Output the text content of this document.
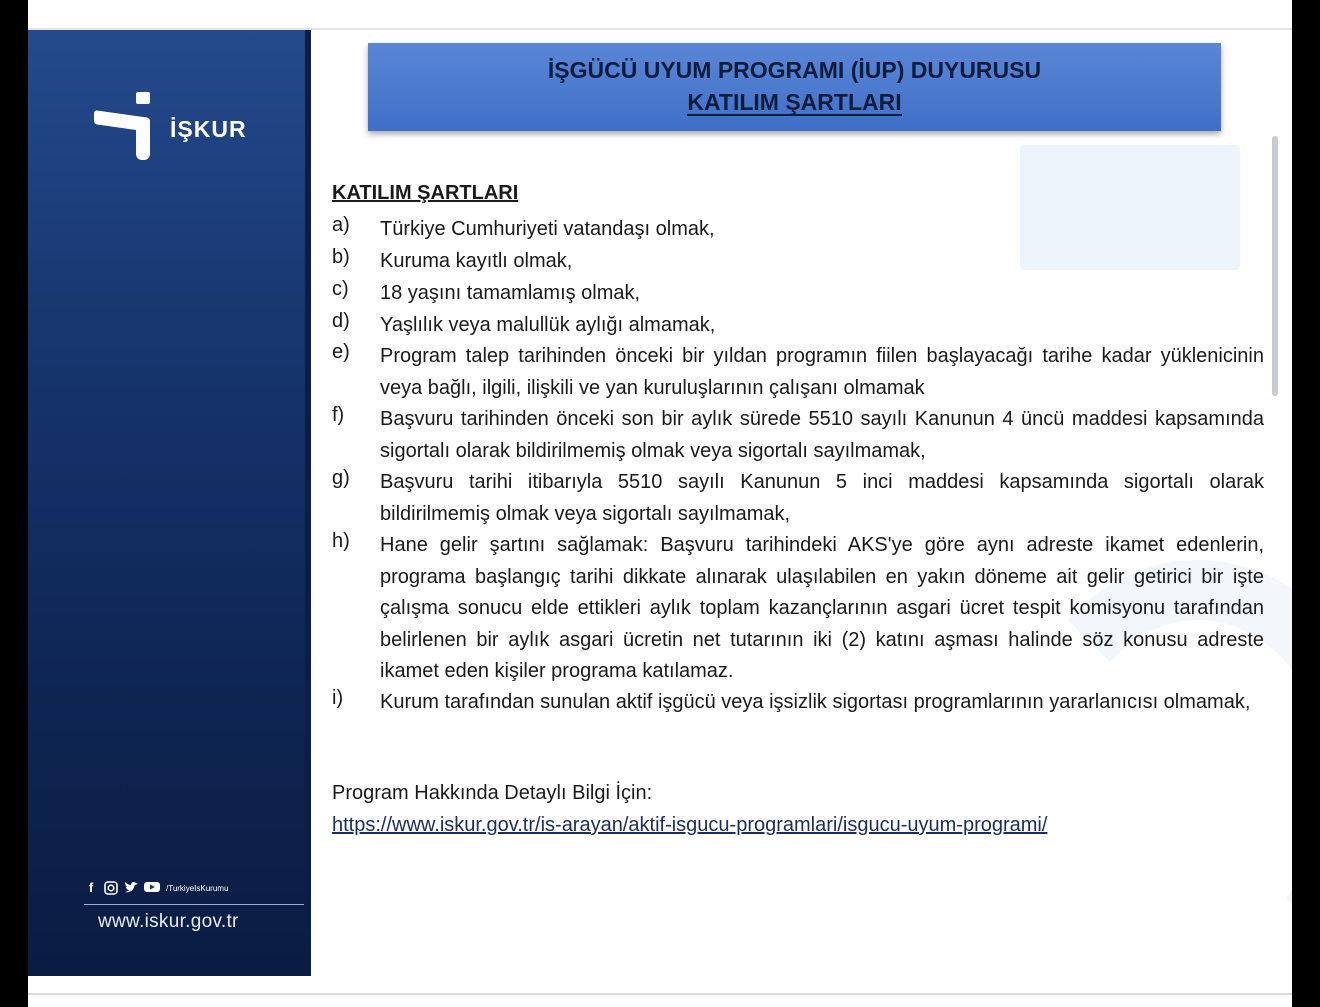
İŞKUR
f	/TurkiyeIsKurumu
www.iskur.gov.tr
İŞGÜCÜ UYUM PROGRAMI (İUP) DUYURUSU
KATILIM ŞARTLARI
KATILIM ŞARTLARI
a) Türkiye Cumhuriyeti vatandaşı olmak,
b) Kuruma kayıtlı olmak,
c) 18 yaşını tamamlamış olmak,
d) Yaşlılık veya malullük aylığı almamak,
e) Program talep tarihinden önceki bir yıldan programın fiilen başlayacağı tarihe kadar yüklenicinin veya bağlı, ilgili, ilişkili ve yan kuruluşlarının çalışanı olmamak
f) Başvuru tarihinden önceki son bir aylık sürede 5510 sayılı Kanunun 4 üncü maddesi kapsamında sigortalı olarak bildirilmemiş olmak veya sigortalı sayılmamak,
g) Başvuru tarihi itibarıyla 5510 sayılı Kanunun 5 inci maddesi kapsamında sigortalı olarak bildirilmemiş olmak veya sigortalı sayılmamak,
h) Hane gelir şartını sağlamak: Başvuru tarihindeki AKS'ye göre aynı adreste ikamet edenlerin, programa başlangıç tarihi dikkate alınarak ulaşılabilen en yakın döneme ait gelir getirici bir işte çalışma sonucu elde ettikleri aylık toplam kazançlarının asgari ücret tespit komisyonu tarafından belirlenen bir aylık asgari ücretin net tutarının iki (2) katını aşması halinde söz konusu adreste ikamet eden kişiler programa katılamaz.
i) Kurum tarafından sunulan aktif işgücü veya işsizlik sigortası programlarının yararlanıcısı olmamak,
Program Hakkında Detaylı Bilgi İçin:
https://www.iskur.gov.tr/is-arayan/aktif-isgucu-programlari/isgucu-uyum-programi/
